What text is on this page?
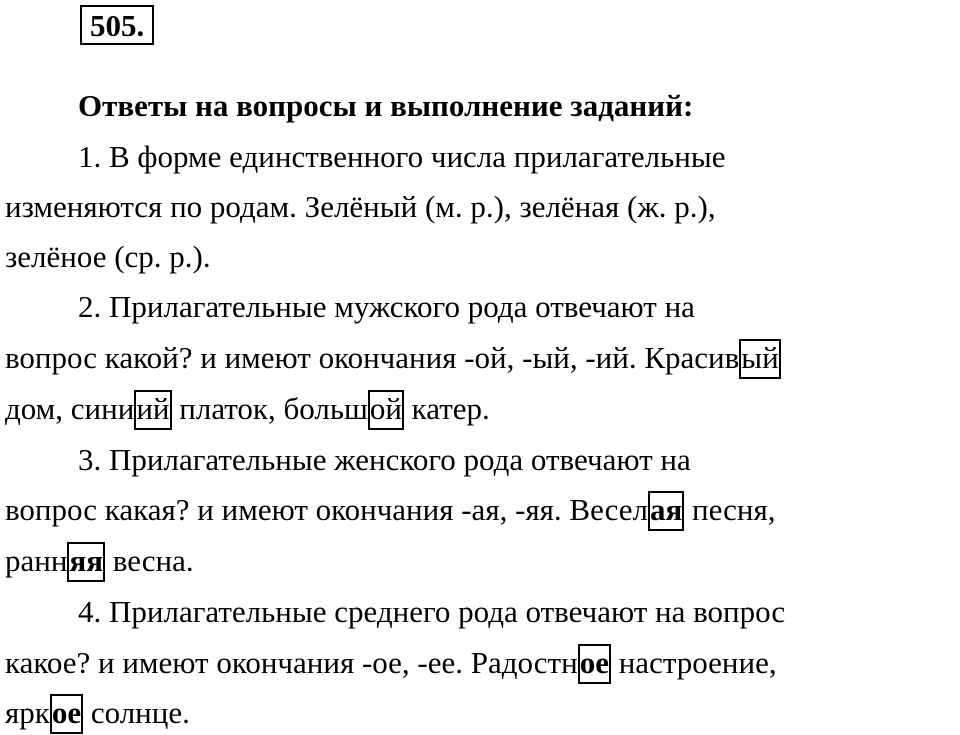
505.
Ответы на вопросы и выполнение заданий:
1. В форме единственного числа прилагательные
изменяются по родам. Зелёный (м. р.), зелёная (ж. р.),
зелёное (ср. р.).
2. Прилагательные мужского рода отвечают на
вопрос какой? и имеют окончания -ой, -ый, -ий. Красивый
дом, синиий платок, большой катер.
3. Прилагательные женского рода отвечают на
вопрос какая? и имеют окончания -ая, -яя. Веселая песня,
ранняя весна.
4. Прилагательные среднего рода отвечают на вопрос
какое? и имеют окончания -ое, -ее. Радостное настроение,
яркое солнце.
